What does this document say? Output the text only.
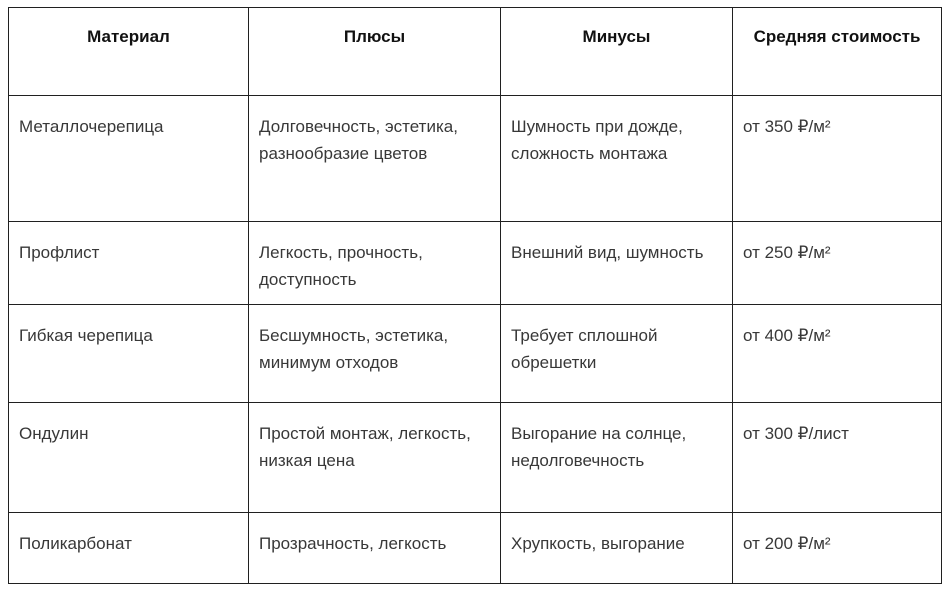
Материал	Плюсы	Минусы	Средняя стоимость
Металлочерепица	Долговечность, эстетика, разнообразие цветов	Шумность при дожде, сложность монтажа	от 350 ₽/м²
Профлист	Легкость, прочность, доступность	Внешний вид, шумность	от 250 ₽/м²
Гибкая черепица	Бесшумность, эстетика, минимум отходов	Требует сплошной обрешетки	от 400 ₽/м²
Ондулин	Простой монтаж, легкость, низкая цена	Выгорание на солнце, недолговечность	от 300 ₽/лист
Поликарбонат	Прозрачность, легкость	Хрупкость, выгорание	от 200 ₽/м²
